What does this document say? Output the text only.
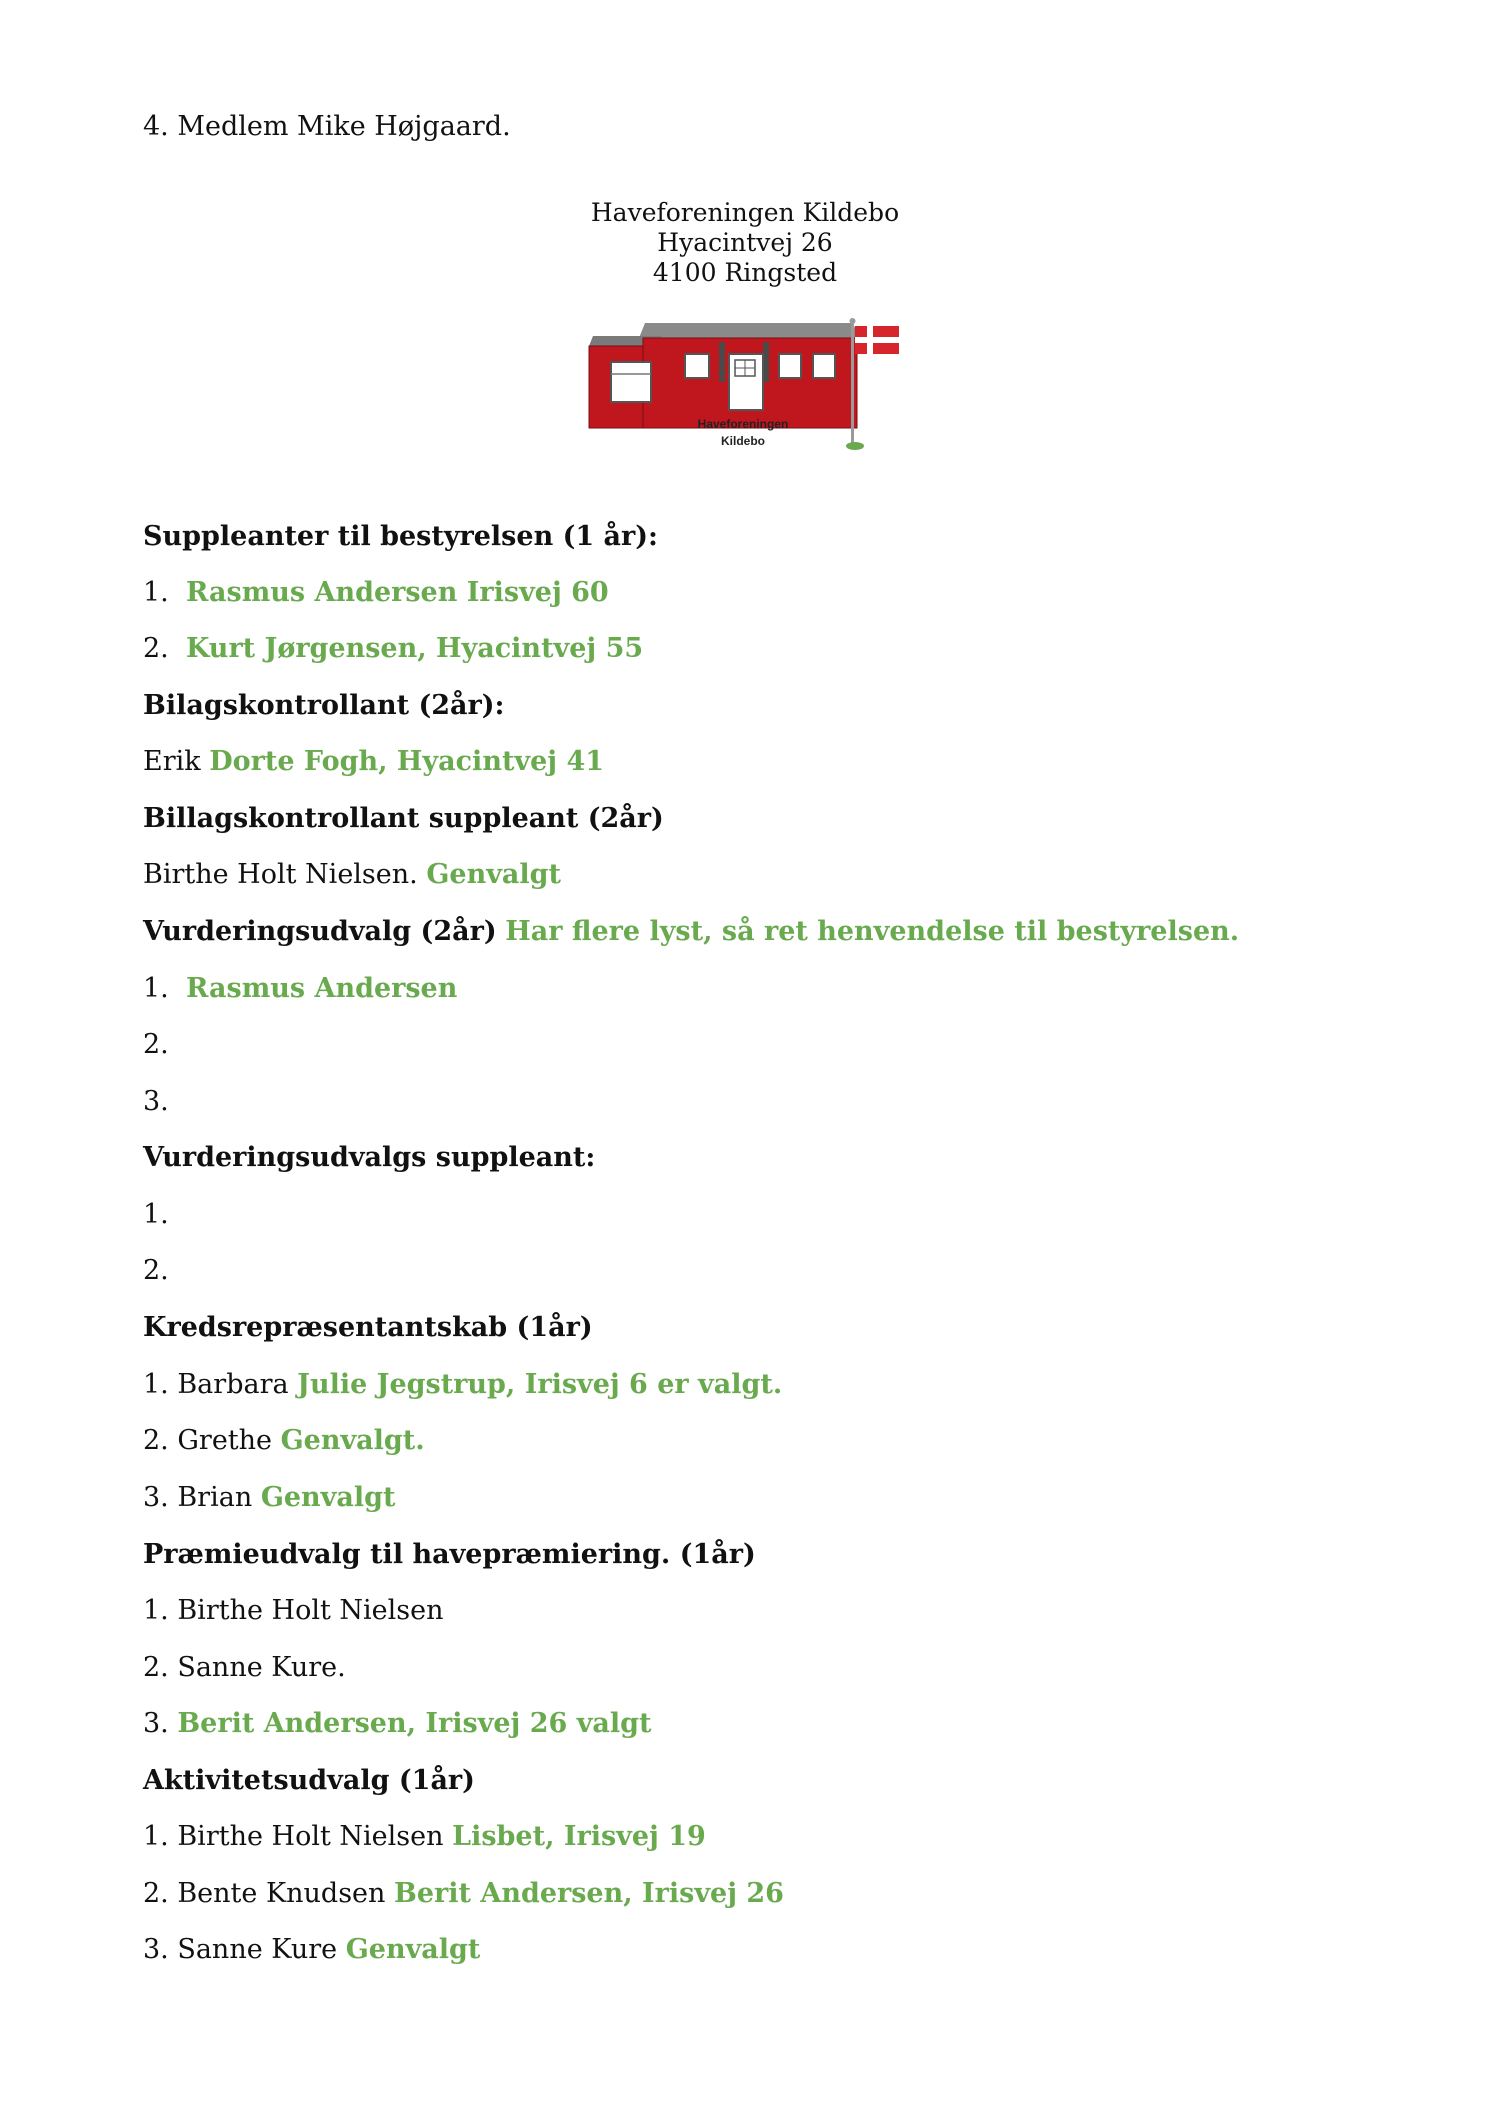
4. Medlem Mike Højgaard.
Haveforeningen Kildebo
Hyacintvej 26
4100 Ringsted
Haveforeningen
Kildebo
Suppleanter til bestyrelsen (1 år):
1. Rasmus Andersen Irisvej 60
2. Kurt Jørgensen, Hyacintvej 55
Bilagskontrollant (2år):
Erik Dorte Fogh, Hyacintvej 41
Billagskontrollant suppleant (2år)
Birthe Holt Nielsen. Genvalgt
Vurderingsudvalg (2år) Har flere lyst, så ret henvendelse til bestyrelsen.
1. Rasmus Andersen
2.
3.
Vurderingsudvalgs suppleant:
1.
2.
Kredsrepræsentantskab (1år)
1. Barbara Julie Jegstrup, Irisvej 6 er valgt.
2. Grethe Genvalgt.
3. Brian Genvalgt
Præmieudvalg til havepræmiering. (1år)
1. Birthe Holt Nielsen
2. Sanne Kure.
3. Berit Andersen, Irisvej 26 valgt
Aktivitetsudvalg (1år)
1. Birthe Holt Nielsen Lisbet, Irisvej 19
2. Bente Knudsen Berit Andersen, Irisvej 26
3. Sanne Kure Genvalgt
